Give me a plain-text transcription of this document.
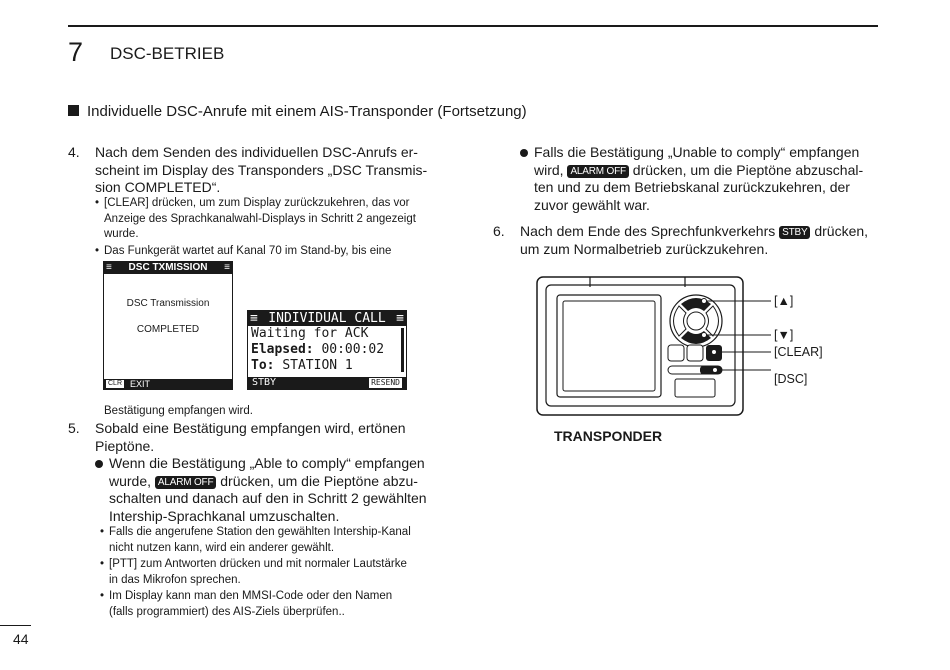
7 DSC-BETRIEB
Individuelle DSC-Anrufe mit einem AIS-Transponder (Fortsetzung)
4. Nach dem Senden des individuellen DSC-Anrufs er-
scheint im Display des Transponders „DSC Transmis-
sion COMPLETED“.
• [CLEAR] drücken, um zum Display zurückzukehren, das vor
Anzeige des Sprachkanalwahl-Displays in Schritt 2 angezeigt
wurde.
• Das Funkgerät wartet auf Kanal 70 im Stand-by, bis eine
≡ DSC TXMISSION ≡
DSC Transmission
COMPLETED
CLR EXIT
≡ INDIVIDUAL CALL ≡
Waiting for ACK
Elapsed: 00:00:02
To: STATION 1
STBY	RESEND
Bestätigung empfangen wird.
5. Sobald eine Bestätigung empfangen wird, ertönen
Pieptöne.
Wenn die Bestätigung „Able to comply“ empfangen
wurde, ALARM OFF drücken, um die Pieptöne abzu-
schalten und danach auf den in Schritt 2 gewählten
Intership-Sprachkanal umzuschalten.
• Falls die angerufene Station den gewählten Intership-Kanal
nicht nutzen kann, wird ein anderer gewählt.
• [PTT] zum Antworten drücken und mit normaler Lautstärke
in das Mikrofon sprechen.
• Im Display kann man den MMSI-Code oder den Namen
(falls programmiert) des AIS-Ziels überprüfen..
Falls die Bestätigung „Unable to comply“ empfangen
wird, ALARM OFF drücken, um die Pieptöne abzuschal-
ten und zu dem Betriebskanal zurückzukehren, der
zuvor gewählt war.
6. Nach dem Ende des Sprechfunkverkehrs STBY drücken,
um zum Normalbetrieb zurückzukehren.
[▲]
[▼]
[CLEAR]
[DSC]
TRANSPONDER
44
